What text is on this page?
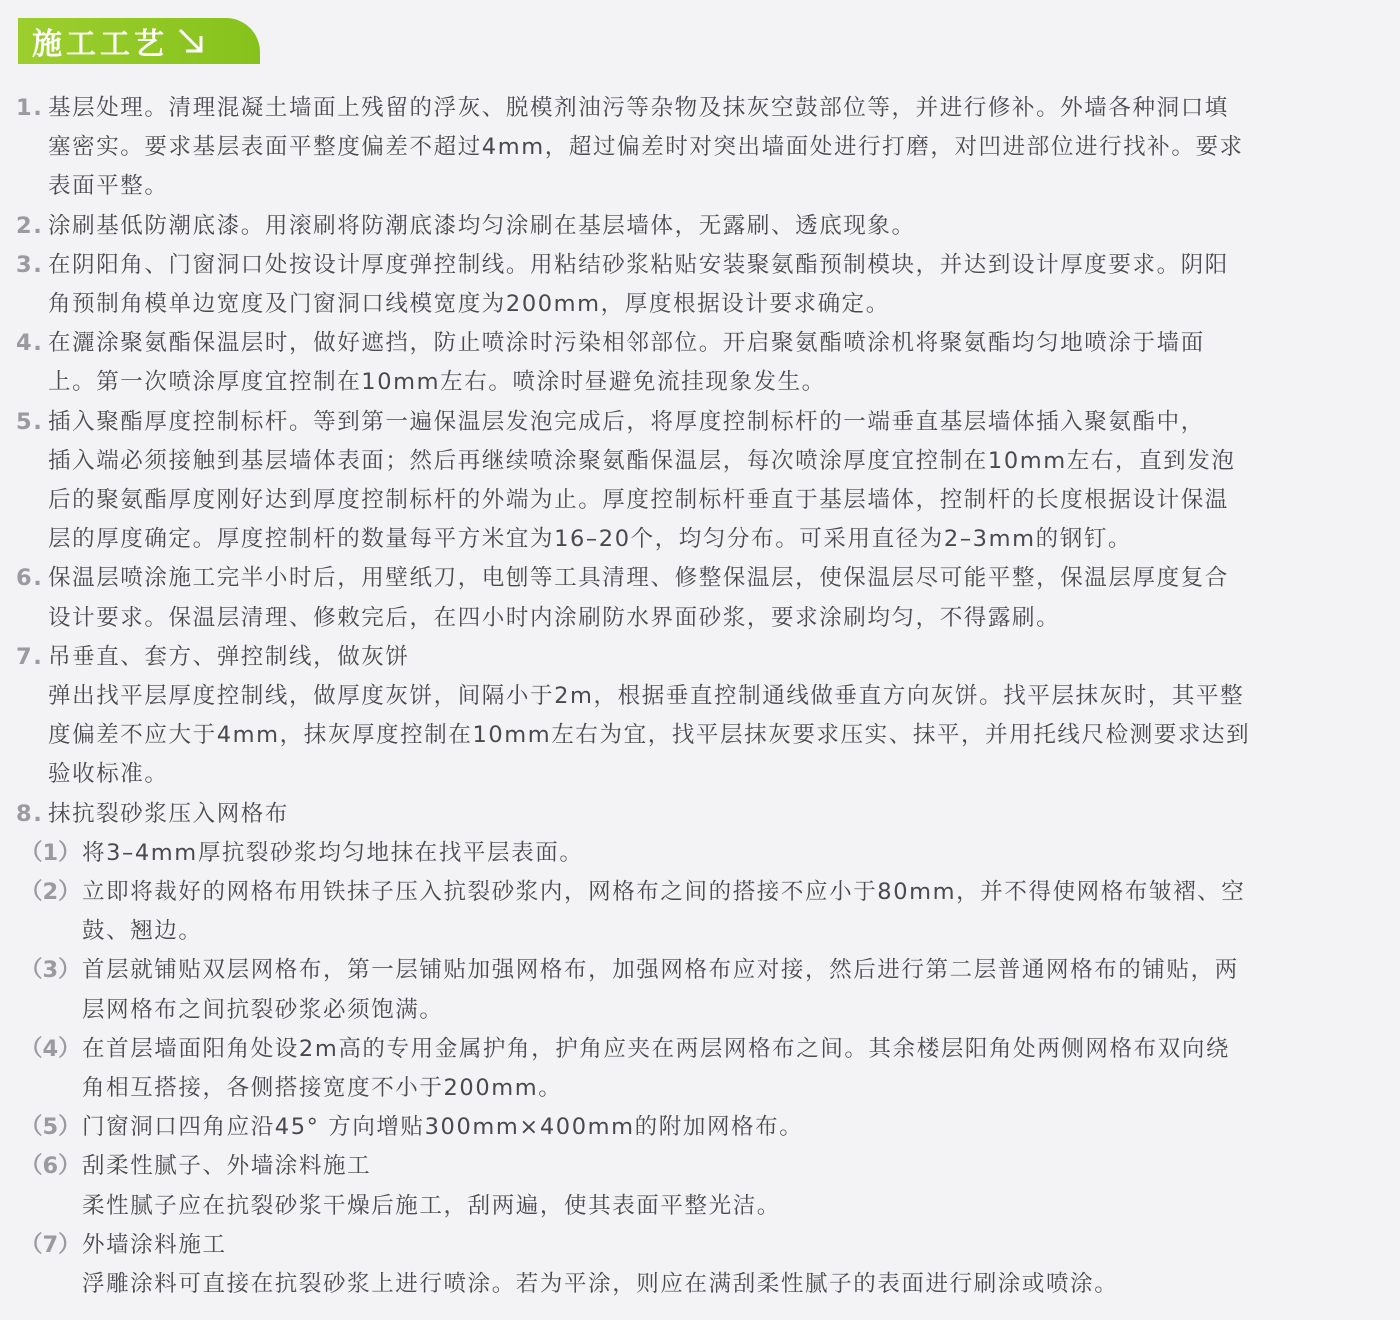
施工工艺
1. 基层处理。清理混凝土墙面上残留的浮灰、脱模剂油污等杂物及抹灰空鼓部位等，并进行修补。外墙各种洞口填
塞密实。要求基层表面平整度偏差不超过4mm，超过偏差时对突出墙面处进行打磨，对凹进部位进行找补。要求
表面平整。
2. 涂刷基低防潮底漆。用滚刷将防潮底漆均匀涂刷在基层墙体，无露刷、透底现象。
3. 在阴阳角、门窗洞口处按设计厚度弹控制线。用粘结砂浆粘贴安装聚氨酯预制模块，并达到设计厚度要求。阴阳
角预制角模单边宽度及门窗洞口线模宽度为200mm，厚度根据设计要求确定。
4. 在灑涂聚氨酯保温层时，做好遮挡，防止喷涂时污染相邻部位。开启聚氨酯喷涂机将聚氨酯均匀地喷涂于墙面
上。第一次喷涂厚度宜控制在10mm左右。喷涂时昼避免流挂现象发生。
5. 插入聚酯厚度控制标杆。等到第一遍保温层发泡完成后，将厚度控制标杆的一端垂直基层墙体插入聚氨酯中，
插入端必须接触到基层墙体表面；然后再继续喷涂聚氨酯保温层，每次喷涂厚度宜控制在10mm左右，直到发泡
后的聚氨酯厚度刚好达到厚度控制标杆的外端为止。厚度控制标杆垂直于基层墙体，控制杆的长度根据设计保温
层的厚度确定。厚度控制杆的数量每平方米宜为16–20个，均匀分布。可采用直径为2–3mm的钢钉。
6. 保温层喷涂施工完半小时后，用壁纸刀，电刨等工具清理、修整保温层，使保温层尽可能平整，保温层厚度复合
设计要求。保温层清理、修敕完后，在四小时内涂刷防水界面砂浆，要求涂刷均匀，不得露刷。
7. 吊垂直、套方、弹控制线，做灰饼
弹出找平层厚度控制线，做厚度灰饼，间隔小于2m，根据垂直控制通线做垂直方向灰饼。找平层抹灰时，其平整
度偏差不应大于4mm，抹灰厚度控制在10mm左右为宜，找平层抹灰要求压实、抹平，并用托线尺检测要求达到
验收标准。
8. 抹抗裂砂浆压入网格布
（1） 将3–4mm厚抗裂砂浆均匀地抹在找平层表面。
（2） 立即将裁好的网格布用铁抹子压入抗裂砂浆内，网格布之间的搭接不应小于80mm，并不得使网格布皱褶、空
鼓、翘边。
（3） 首层就铺贴双层网格布，第一层铺贴加强网格布，加强网格布应对接，然后进行第二层普通网格布的铺贴，两
层网格布之间抗裂砂浆必须饱满。
（4） 在首层墙面阳角处设2m高的专用金属护角，护角应夹在两层网格布之间。其余楼层阳角处两侧网格布双向绕
角相互搭接，各侧搭接宽度不小于200mm。
（5） 门窗洞口四角应沿45° 方向增贴300mm×400mm的附加网格布。
（6） 刮柔性腻子、外墙涂料施工
柔性腻子应在抗裂砂浆干燥后施工，刮两遍，使其表面平整光洁。
（7） 外墙涂料施工
浮雕涂料可直接在抗裂砂浆上进行喷涂。若为平涂，则应在满刮柔性腻子的表面进行刷涂或喷涂。
